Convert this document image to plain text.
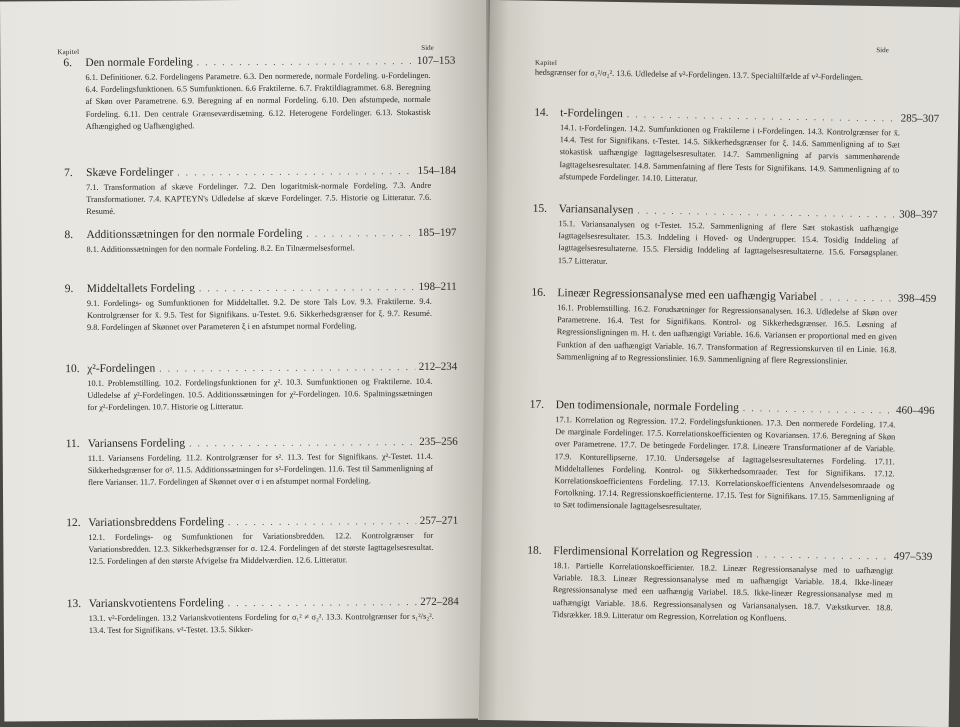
Kapitel
Side
6.	Den normale Fordeling . . .	107–153
6.1. Definitioner. 6.2. Fordelingens Parametre. 6.3. Den normerede, normale Fordeling. u-Fordelingen. 6.4. Fordelingsfunktionen. 6.5 Sumfunktionen. 6.6 Fraktilerne. 6.7. Fraktildiagrammet. 6.8. Beregning af Skøn over Parametrene. 6.9. Beregning af en normal Fordeling. 6.10. Den afstumpede, normale Fordeling. 6.11. Den centrale Grænseværdisætning. 6.12. Heterogene Fordelinger. 6.13. Stokastisk Afhængighed og Uafhængighed.
7.	Skæve Fordelinger . . .	154–184
7.1. Transformation af skæve Fordelinger. 7.2. Den logaritmisk-normale Fordeling. 7.3. Andre Transformationer. 7.4. KAPTEYN's Udledelse af skæve Fordelinger. 7.5. Historie og Litteratur. 7.6. Resumé.
8.	Additionssætningen for den normale Fordeling . . .	185–197
8.1. Additionssætningen for den normale Fordeling. 8.2. En Tilnærmelsesformel.
9.	Middeltallets Fordeling . . .	198–211
9.1. Fordelings- og Sumfunktionen for Middeltallet. 9.2. De store Tals Lov. 9.3. Fraktilerne. 9.4. Kontrolgrænser for x̄. 9.5. Test for Signifikans. u-Testet. 9.6. Sikkerhedsgrænser for ξ. 9.7. Resumé. 9.8. Fordelingen af Skønnet over Parameteren ξ i en afstumpet normal Fordeling.
10. χ²-Fordelingen . . .	212–234
10.1. Problemstilling. 10.2. Fordelingsfunktionen for χ². 10.3. Sumfunktionen og Fraktilerne. 10.4. Udledelse af χ²-Fordelingen. 10.5. Additionssætningen for χ²-Fordelingen. 10.6. Spaltningssætningen for χ²-Fordelingen. 10.7. Historie og Litteratur.
11. Variansens Fordeling . . .	235–256
11.1. Variansens Fordeling. 11.2. Kontrolgrænser for s². 11.3. Test for Signifikans. χ²-Testet. 11.4. Sikkerhedsgrænser for σ². 11.5. Additionssætningen for s²-Fordelingen. 11.6. Test til Sammenligning af flere Varianser. 11.7. Fordelingen af Skønnet over σ i en afstumpet normal Fordeling.
12. Variationsbreddens Fordeling . . .	257–271
12.1. Fordelings- og Sumfunktionen for Variationsbredden. 12.2. Kontrolgrænser for Variationsbredden. 12.3. Sikkerhedsgrænser for σ. 12.4. Fordelingen af det største Iagttagelsesresultat. 12.5. Fordelingen af den største Afvigelse fra Middelværdien. 12.6. Litteratur.
13. Varianskvotientens Fordeling . . .	272–284
13.1. v²-Fordelingen. 13.2 Varianskvotientens Fordeling for σ₁² ≠ σ₂². 13.3. Kontrolgrænser for s₁²/s₂². 13.4. Test for Signifikans. v²-Testet. 13.5. Sikker-
Side
Kapitel
hedsgrænser for σ₁²/σ₂². 13.6. Udledelse af v²-Fordelingen. 13.7. Specialtilfælde af v²-Fordelingen.
14. t-Fordelingen . . .	285–307
14.1. t-Fordelingen. 14.2. Sumfunktionen og Fraktilerne i t-Fordelingen. 14.3. Kontrolgrænser for x̄. 14.4. Test for Signifikans. t-Testet. 14.5. Sikkerhedsgrænser for ξ. 14.6. Sammenligning af to Sæt stokastisk uafhængige Iagttagelsesresultater. 14.7. Sammenligning af parvis sammenhørende Iagttagelsesresultater. 14.8. Sammenfatning af flere Tests for Signifikans. 14.9. Sammenligning af to afstumpede Fordelinger. 14.10. Litteratur.
15. Variansanalysen . . .	308–397
15.1. Variansanalysen og t-Testet. 15.2. Sammenligning af flere Sæt stokastisk uafhængige Iagttagelsesresultater. 15.3. Inddeling i Hoved- og Undergrupper. 15.4. Tosidig Inddeling af Iagttagelsesresultaterne. 15.5. Flersidig Inddeling af Iagttagelsesresultaterne. 15.6. Forsøgsplaner. 15.7 Litteratur.
16. Lineær Regressionsanalyse med een uafhængig Variabel . . .	398–459
16.1. Problemstilling. 16.2. Forudsætninger for Regressionsanalysen. 16.3. Udledelse af Skøn over Parametrene. 16.4. Test for Signifikans. Kontrol- og Sikkerhedsgrænser. 16.5. Løsning af Regressionsligningen m. H. t. den uafhængigt Variable. 16.6. Variansen er proportional med en given Funktion af den uafhængigt Variable. 16.7. Transformation af Regressionskurven til en Linie. 16.8. Sammenligning af to Regressionslinier. 16.9. Sammenligning af flere Regressionslinier.
17. Den todimensionale, normale Fordeling . . .	460–496
17.1. Korrelation og Regression. 17.2. Fordelingsfunktionen. 17.3. Den normerede Fordeling. 17.4. De marginale Fordelinger. 17.5. Korrelationskoefficienten og Kovariansen. 17.6. Beregning af Skøn over Parametrene. 17.7. De betingede Fordelinger. 17.8. Lineære Transformationer af de Variable. 17.9. Konturellipserne. 17.10. Undersøgelse af Iagttagelsesresultaternes Fordeling. 17.11. Middeltallenes Fordeling. Kontrol- og Sikkerhedsomraader. Test for Signifikans. 17.12. Korrelationskoefficientens Fordeling. 17.13. Korrelationskoefficientens Anvendelsesomraade og Fortolkning. 17.14. Regressionskoefficienterne. 17.15. Test for Signifikans. 17.15. Sammenligning af to Sæt todimensionale Iagttagelsesresultater.
18. Flerdimensional Korrelation og Regression . . .	497–539
18.1. Partielle Korrelationskoefficienter. 18.2. Lineær Regressionsanalyse med to uafhængigt Variable. 18.3. Lineær Regressionsanalyse med m uafhængigt Variable. 18.4. Ikke-lineær Regressionsanalyse med een uafhængig Variabel. 18.5. Ikke-lineær Regressionsanalyse med m uafhængigt Variable. 18.6. Regressionsanalysen og Variansanalysen. 18.7. Vækstkurver. 18.8. Tidsrækker. 18.9. Litteratur om Regression, Korrelation og Konfluens.
